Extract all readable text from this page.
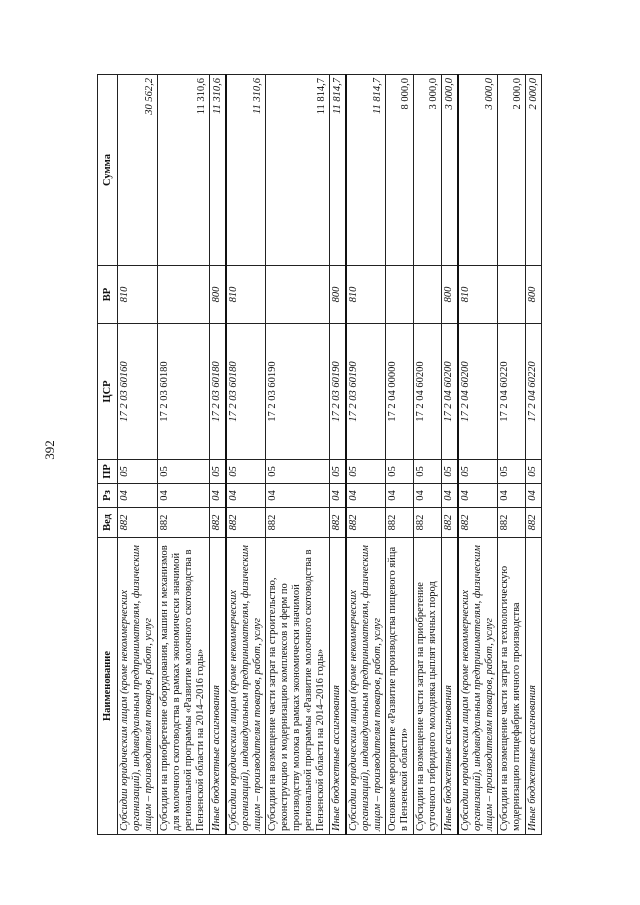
392
Наименование	Вед	Рз	ПР	ЦСР	ВР	Сумма
Субсидии юридическим лицам (кроме некоммерческих организаций), индивидуальным предпринимателям, физическим лицам – производителям товаров, работ, услуг	882	04	05	17 2 03 60160	810	30 562,2
Субсидии на приобретение оборудования, машин и механизмов для молочного скотоводства в рамках экономически значимой региональной программы «Развитие молочного скотоводства в Пензенской области на 2014–2016 годы»	882	04	05	17 2 03 60180		11 310,6
Иные бюджетные ассигнования	882	04	05	17 2 03 60180	800	11 310,6
Субсидии юридическим лицам (кроме некоммерческих организаций), индивидуальным предпринимателям, физическим лицам – производителям товаров, работ, услуг	882	04	05	17 2 03 60180	810	11 310,6
Субсидии на возмещение части затрат на строительство, реконструкцию и модернизацию комплексов и ферм по производству молока в рамках экономически значимой региональной программы «Развитие молочного скотоводства в Пензенской области на 2014–2016 годы»	882	04	05	17 2 03 60190		11 814,7
Иные бюджетные ассигнования	882	04	05	17 2 03 60190	800	11 814,7
Субсидии юридическим лицам (кроме некоммерческих организаций), индивидуальным предпринимателям, физическим лицам – производителям товаров, работ, услуг	882	04	05	17 2 03 60190	810	11 814,7
Основное мероприятие «Развитие производства пищевого яйца в Пензенской области»	882	04	05	17 2 04 00000		8 000,0
Субсидии на возмещение части затрат на приобретение суточного гибридного молодняка цыплят яичных пород	882	04	05	17 2 04 60200		3 000,0
Иные бюджетные ассигнования	882	04	05	17 2 04 60200	800	3 000,0
Субсидии юридическим лицам (кроме некоммерческих организаций), индивидуальным предпринимателям, физическим лицам – производителям товаров, работ, услуг	882	04	05	17 2 04 60200	810	3 000,0
Субсидии на возмещение части затрат на технологическую модернизацию птицефабрик яичного производства	882	04	05	17 2 04 60220		2 000,0
Иные бюджетные ассигнования	882	04	05	17 2 04 60220	800	2 000,0
